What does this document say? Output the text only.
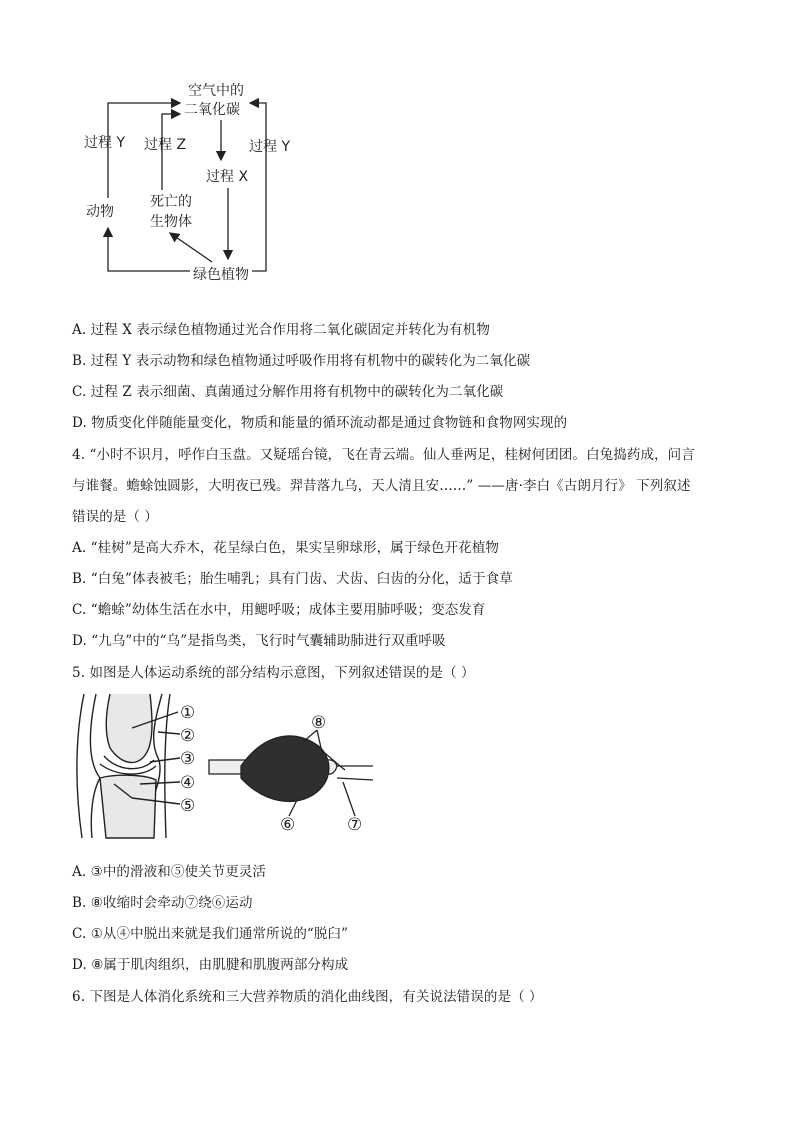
空气中的
二氧化碳
过程 Y 过程 Z	过程 Y
过程 X
死亡的
生物体
动物
绿色植物
A. 过程 X 表示绿色植物通过光合作用将二氧化碳固定并转化为有机物
B. 过程 Y 表示动物和绿色植物通过呼吸作用将有机物中的碳转化为二氧化碳
C. 过程 Z 表示细菌、真菌通过分解作用将有机物中的碳转化为二氧化碳
D. 物质变化伴随能量变化，物质和能量的循环流动都是通过食物链和食物网实现的
4. “小时不识月，呼作白玉盘。又疑瑶台镜，飞在青云端。仙人垂两足，桂树何团团。白兔捣药成，问言
与谁餐。蟾蜍蚀圆影，大明夜已残。羿昔落九乌，天人清且安……” ——唐·李白《古朗月行》 下列叙述
错误的是（ ）
A. “桂树”是高大乔木，花呈绿白色，果实呈卵球形，属于绿色开花植物
B. “白兔”体表被毛；胎生哺乳；具有门齿、犬齿、臼齿的分化，适于食草
C. “蟾蜍”幼体生活在水中，用鳃呼吸；成体主要用肺呼吸；变态发育
D. “九乌”中的“乌”是指鸟类，飞行时气囊辅助肺进行双重呼吸
5. 如图是人体运动系统的部分结构示意图，下列叙述错误的是（ ）
①
②
③
④
⑤
⑧
⑥	⑦
A. ③中的滑液和⑤使关节更灵活
B. ⑧收缩时会牵动⑦绕⑥运动
C. ①从④中脱出来就是我们通常所说的“脱臼”
D. ⑧属于肌肉组织，由肌腱和肌腹两部分构成
6. 下图是人体消化系统和三大营养物质的消化曲线图，有关说法错误的是（ ）
